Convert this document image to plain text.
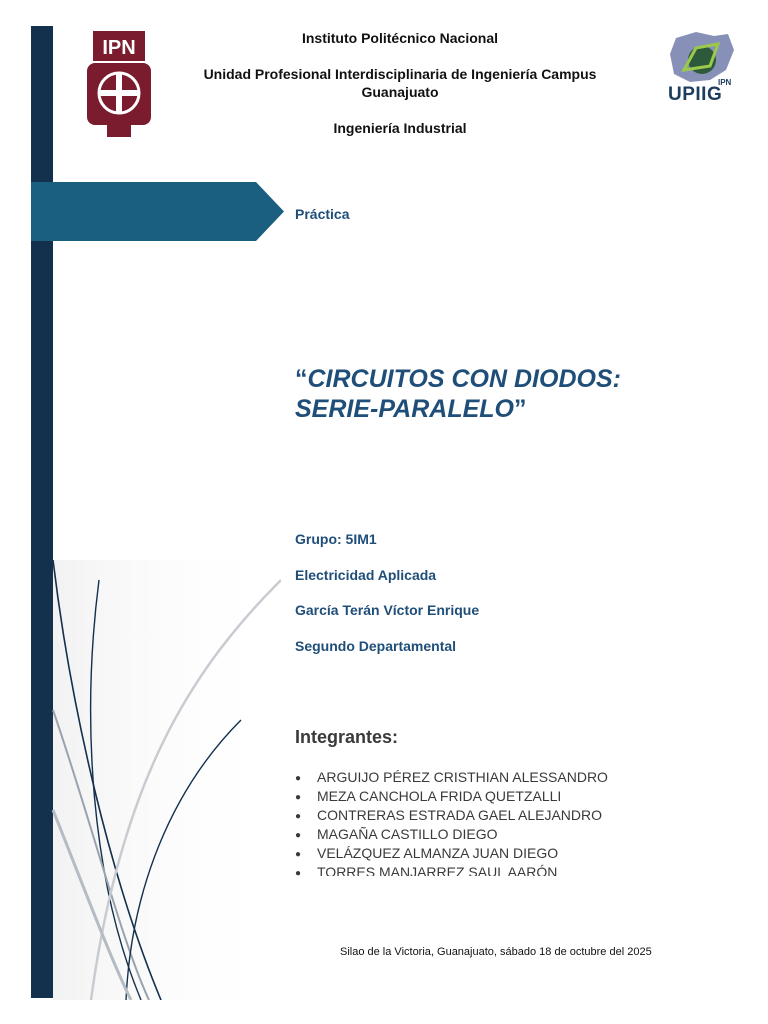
IPN
UPIIG
IPN
Instituto Politécnico Nacional
Unidad Profesional Interdisciplinaria de Ingeniería Campus
Guanajuato
Ingeniería Industrial
Práctica
“CIRCUITOS CON DIODOS:
SERIE-PARALELO”
Grupo: 5IM1
Electricidad Aplicada
García Terán Víctor Enrique
Segundo Departamental
Integrantes:
● ARGUIJO PÉREZ CRISTHIAN ALESSANDRO
● MEZA CANCHOLA FRIDA QUETZALLI
● CONTRERAS ESTRADA GAEL ALEJANDRO
● MAGAÑA CASTILLO DIEGO
● VELÁZQUEZ ALMANZA JUAN DIEGO
● TORRES MANJARREZ SAUL AARÓN
Silao de la Victoria, Guanajuato, sábado 18 de octubre del 2025
